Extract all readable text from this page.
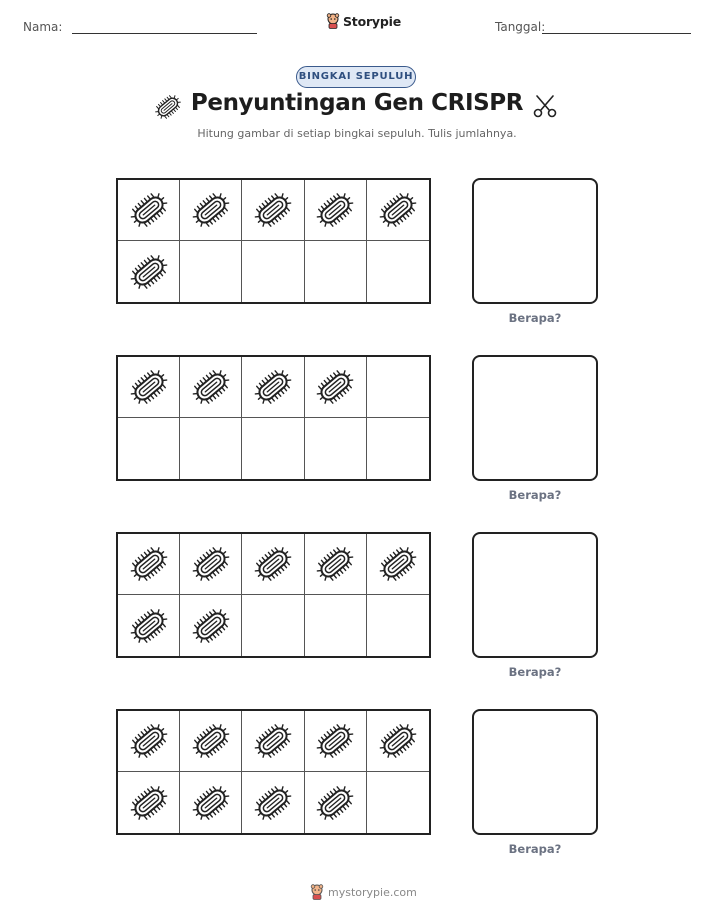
Nama:	Storypie	Tanggal:
BINGKAI SEPULUH
Penyuntingan Gen CRISPR
Hitung gambar di setiap bingkai sepuluh. Tulis jumlahnya.
Berapa?
Berapa?
Berapa?
Berapa?
mystorypie.com
